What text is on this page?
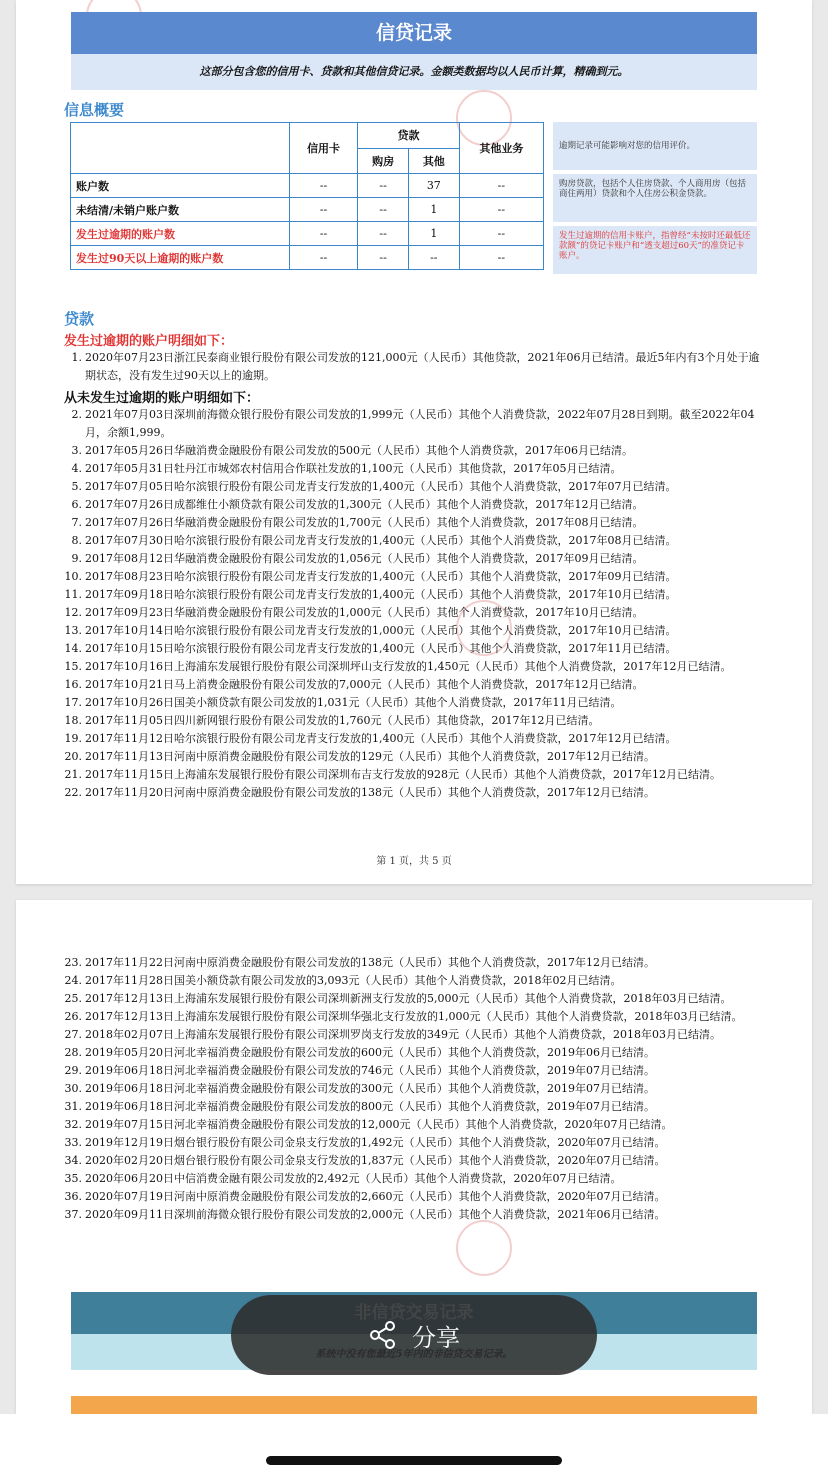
信贷记录
这部分包含您的信用卡、贷款和其他信贷记录。金额类数据均以人民币计算，精确到元。
信息概要
	信用卡	贷款		其他业务
		购房	其他	
账户数	--	--	37	--
未结清/未销户账户数	--	--	1	--
发生过逾期的账户数	--	--	1	--
发生过90天以上逾期的账户数	--	--	--	--
逾期记录可能影响对您的信用评价。
购房贷款，包括个人住房贷款、个人商用房（包括商住两用）贷款和个人住房公积金贷款。
发生过逾期的信用卡账户，指曾经“未按时还最低还款额”的贷记卡账户和“透支超过60天”的准贷记卡账户。
贷款
发生过逾期的账户明细如下：
1. 2020年07月23日浙江民泰商业银行股份有限公司发放的121,000元（人民币）其他贷款，2021年06月已结清。最近5年内有3个月处于逾期状态，没有发生过90天以上的逾期。
从未发生过逾期的账户明细如下：
2. 2021年07月03日深圳前海微众银行股份有限公司发放的1,999元（人民币）其他个人消费贷款，2022年07月28日到期。截至2022年04月，余额1,999。
3. 2017年05月26日华融消费金融股份有限公司发放的500元（人民币）其他个人消费贷款，2017年06月已结清。
4. 2017年05月31日牡丹江市城郊农村信用合作联社发放的1,100元（人民币）其他贷款，2017年05月已结清。
5. 2017年07月05日哈尔滨银行股份有限公司龙青支行发放的1,400元（人民币）其他个人消费贷款，2017年07月已结清。
6. 2017年07月26日成都维仕小额贷款有限公司发放的1,300元（人民币）其他个人消费贷款，2017年12月已结清。
7. 2017年07月26日华融消费金融股份有限公司发放的1,700元（人民币）其他个人消费贷款，2017年08月已结清。
8. 2017年07月30日哈尔滨银行股份有限公司龙青支行发放的1,400元（人民币）其他个人消费贷款，2017年08月已结清。
9. 2017年08月12日华融消费金融股份有限公司发放的1,056元（人民币）其他个人消费贷款，2017年09月已结清。
10. 2017年08月23日哈尔滨银行股份有限公司龙青支行发放的1,400元（人民币）其他个人消费贷款，2017年09月已结清。
11. 2017年09月18日哈尔滨银行股份有限公司龙青支行发放的1,400元（人民币）其他个人消费贷款，2017年10月已结清。
12. 2017年09月23日华融消费金融股份有限公司发放的1,000元（人民币）其他个人消费贷款，2017年10月已结清。
13. 2017年10月14日哈尔滨银行股份有限公司龙青支行发放的1,000元（人民币）其他个人消费贷款，2017年10月已结清。
14. 2017年10月15日哈尔滨银行股份有限公司龙青支行发放的1,400元（人民币）其他个人消费贷款，2017年11月已结清。
15. 2017年10月16日上海浦东发展银行股份有限公司深圳坪山支行发放的1,450元（人民币）其他个人消费贷款，2017年12月已结清。
16. 2017年10月21日马上消费金融股份有限公司发放的7,000元（人民币）其他个人消费贷款，2017年12月已结清。
17. 2017年10月26日国美小额贷款有限公司发放的1,031元（人民币）其他个人消费贷款，2017年11月已结清。
18. 2017年11月05日四川新网银行股份有限公司发放的1,760元（人民币）其他贷款，2017年12月已结清。
19. 2017年11月12日哈尔滨银行股份有限公司龙青支行发放的1,400元（人民币）其他个人消费贷款，2017年12月已结清。
20. 2017年11月13日河南中原消费金融股份有限公司发放的129元（人民币）其他个人消费贷款，2017年12月已结清。
21. 2017年11月15日上海浦东发展银行股份有限公司深圳布吉支行发放的928元（人民币）其他个人消费贷款，2017年12月已结清。
22. 2017年11月20日河南中原消费金融股份有限公司发放的138元（人民币）其他个人消费贷款，2017年12月已结清。
第 1 页，共 5 页
23. 2017年11月22日河南中原消费金融股份有限公司发放的138元（人民币）其他个人消费贷款，2017年12月已结清。
24. 2017年11月28日国美小额贷款有限公司发放的3,093元（人民币）其他个人消费贷款，2018年02月已结清。
25. 2017年12月13日上海浦东发展银行股份有限公司深圳新洲支行发放的5,000元（人民币）其他个人消费贷款，2018年03月已结清。
26. 2017年12月13日上海浦东发展银行股份有限公司深圳华强北支行发放的1,000元（人民币）其他个人消费贷款，2018年03月已结清。
27. 2018年02月07日上海浦东发展银行股份有限公司深圳罗岗支行发放的349元（人民币）其他个人消费贷款，2018年03月已结清。
28. 2019年05月20日河北幸福消费金融股份有限公司发放的600元（人民币）其他个人消费贷款，2019年06月已结清。
29. 2019年06月18日河北幸福消费金融股份有限公司发放的746元（人民币）其他个人消费贷款，2019年07月已结清。
30. 2019年06月18日河北幸福消费金融股份有限公司发放的300元（人民币）其他个人消费贷款，2019年07月已结清。
31. 2019年06月18日河北幸福消费金融股份有限公司发放的800元（人民币）其他个人消费贷款，2019年07月已结清。
32. 2019年07月15日河北幸福消费金融股份有限公司发放的12,000元（人民币）其他个人消费贷款，2020年07月已结清。
33. 2019年12月19日烟台银行股份有限公司金泉支行发放的1,492元（人民币）其他个人消费贷款，2020年07月已结清。
34. 2020年02月20日烟台银行股份有限公司金泉支行发放的1,837元（人民币）其他个人消费贷款，2020年07月已结清。
35. 2020年06月20日中信消费金融有限公司发放的2,492元（人民币）其他个人消费贷款，2020年07月已结清。
36. 2020年07月19日河南中原消费金融股份有限公司发放的2,660元（人民币）其他个人消费贷款，2020年07月已结清。
37. 2020年09月11日深圳前海微众银行股份有限公司发放的2,000元（人民币）其他个人消费贷款，2021年06月已结清。
分享
